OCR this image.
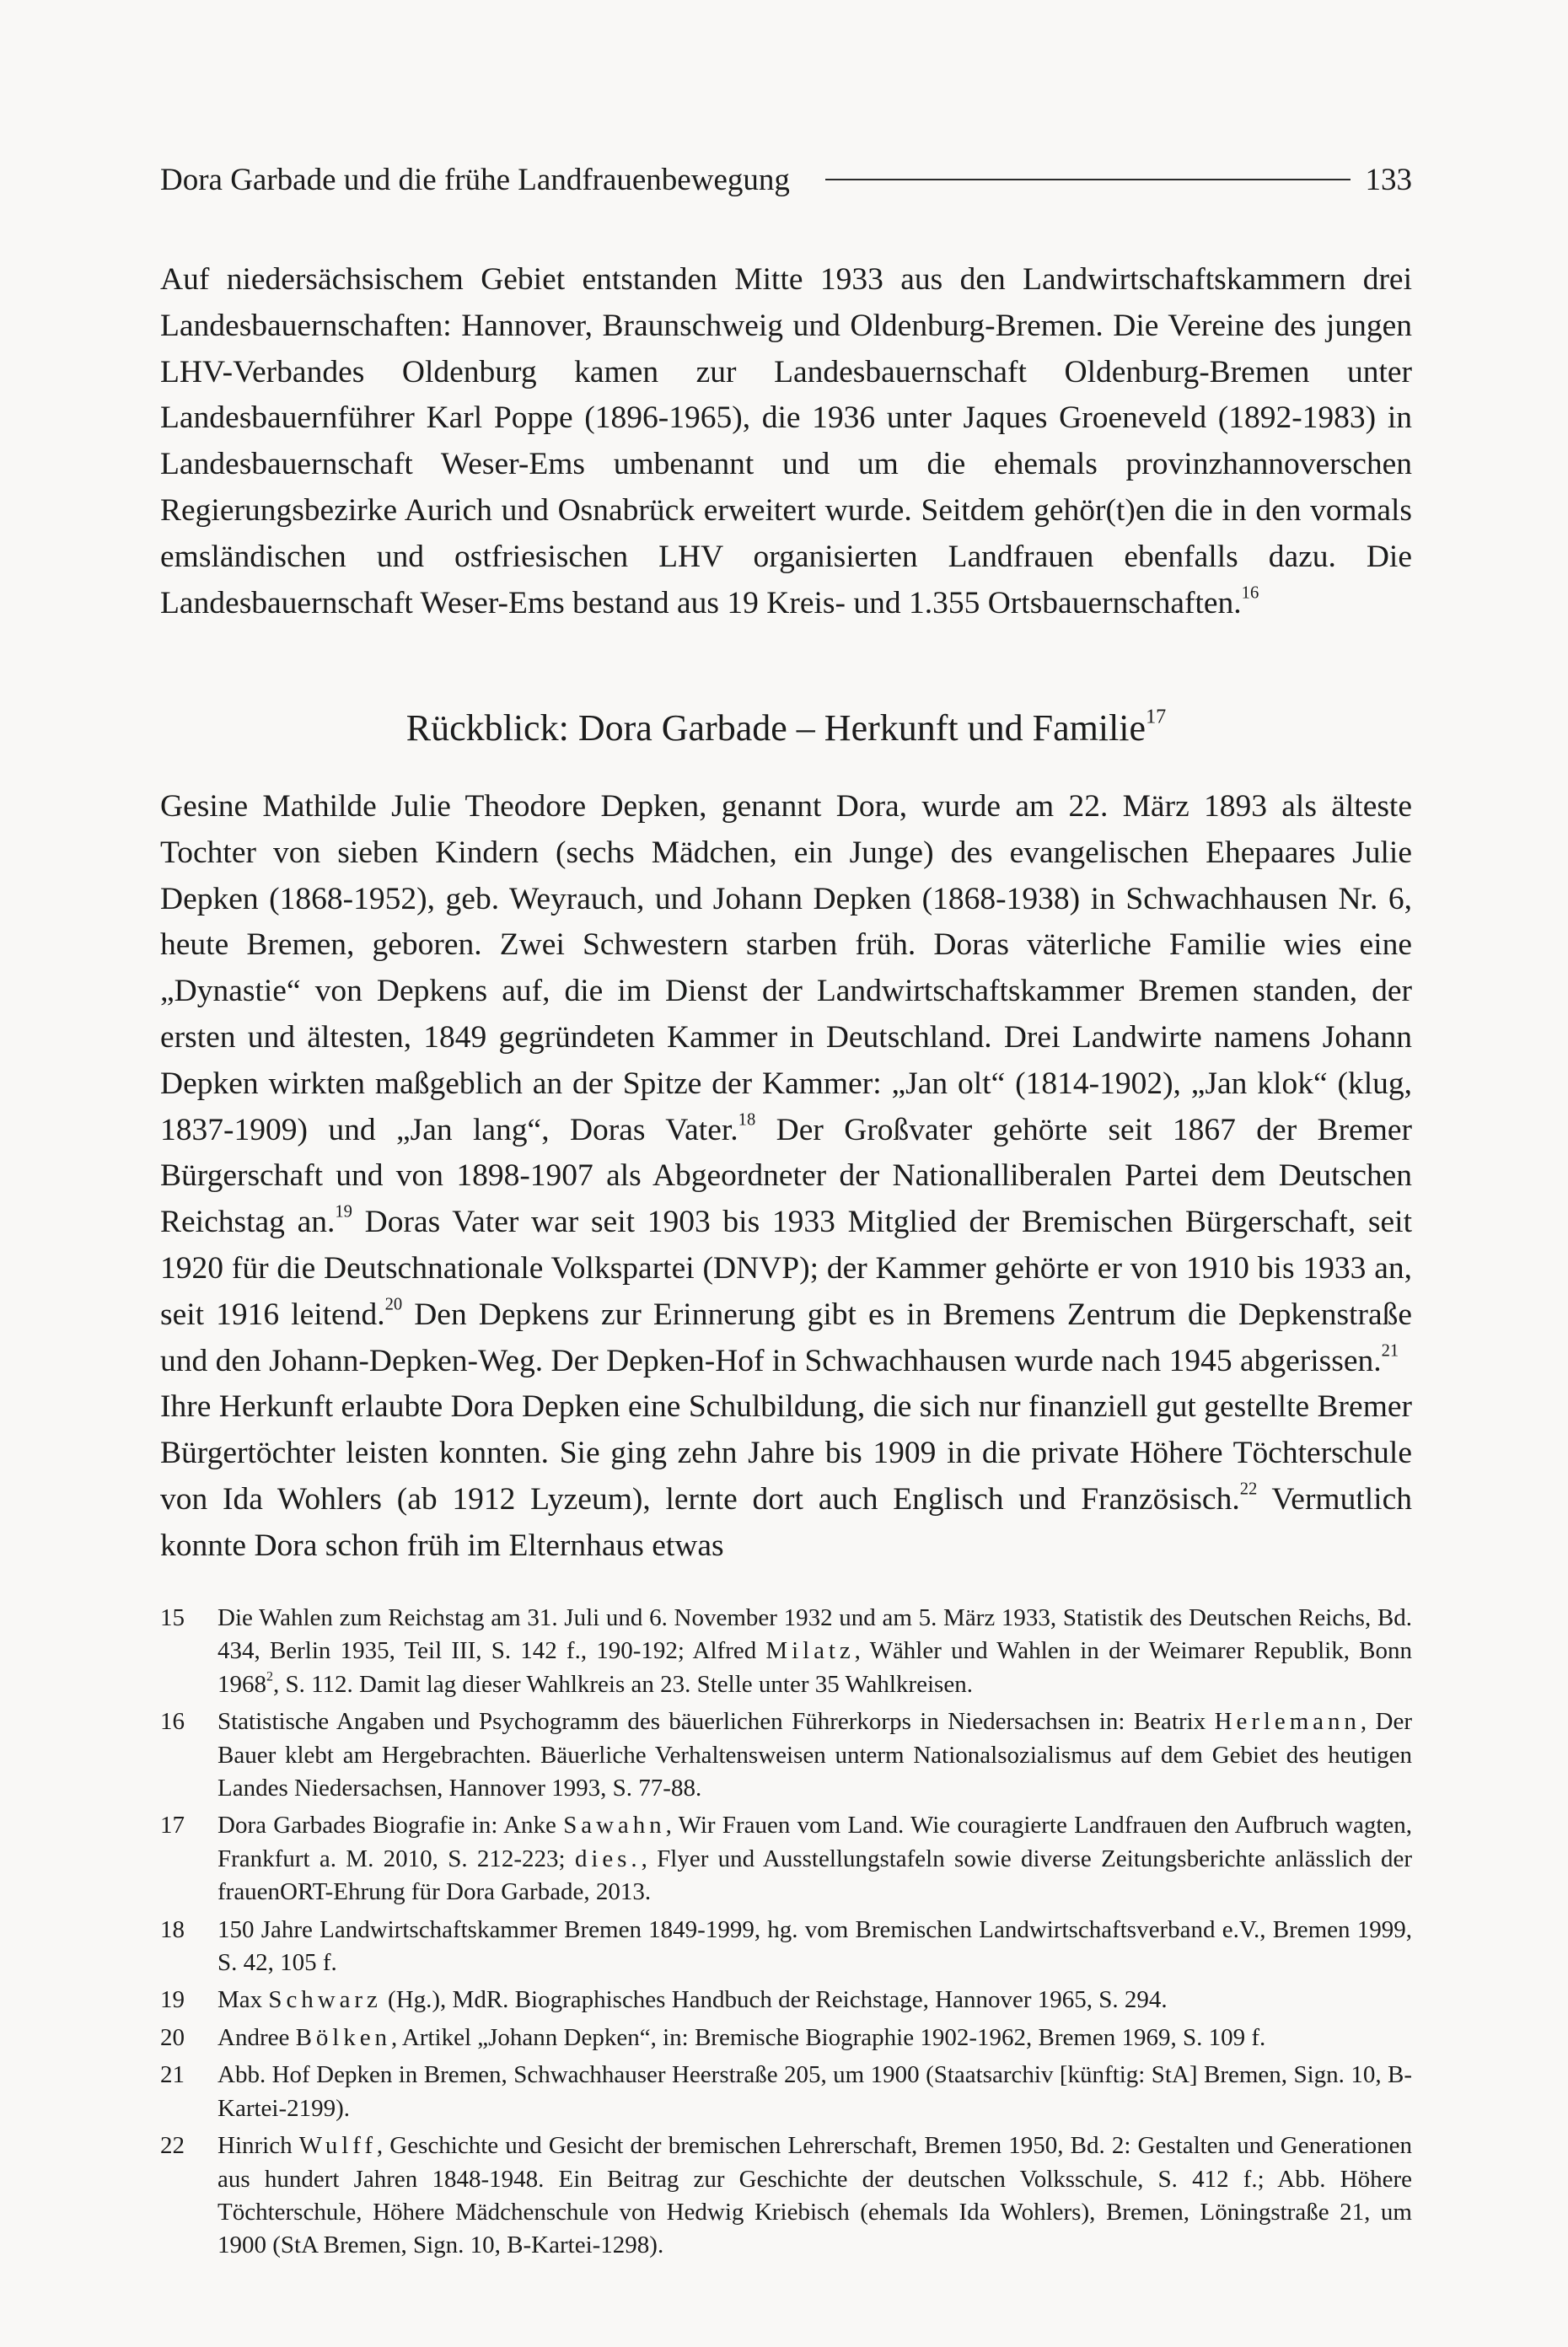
Dora Garbade und die frühe Landfrauenbewegung	133

Auf niedersächsischem Gebiet entstanden Mitte 1933 aus den Landwirtschaftskammern drei Landesbauernschaften: Hannover, Braunschweig und Oldenburg-Bremen. Die Vereine des jungen LHV-Verbandes Oldenburg kamen zur Landesbauernschaft Oldenburg-Bremen unter Landesbauernführer Karl Poppe (1896-1965), die 1936 unter Jaques Groeneveld (1892-1983) in Landesbauernschaft Weser-Ems umbenannt und um die ehemals provinzhannoverschen Regierungsbezirke Aurich und Osnabrück erweitert wurde. Seitdem gehör(t)en die in den vormals emsländischen und ostfriesischen LHV organisierten Landfrauen ebenfalls dazu. Die Landesbauernschaft Weser-Ems bestand aus 19 Kreis- und 1.355 Ortsbauernschaften.$^{16}$

Rückblick: Dora Garbade – Herkunft und Familie$^{17}$

Gesine Mathilde Julie Theodore Depken, genannt Dora, wurde am 22. März 1893 als älteste Tochter von sieben Kindern (sechs Mädchen, ein Junge) des evangelischen Ehepaares Julie Depken (1868-1952), geb. Weyrauch, und Johann Depken (1868-1938) in Schwachhausen Nr. 6, heute Bremen, geboren. Zwei Schwestern starben früh. Doras väterliche Familie wies eine „Dynastie“ von Depkens auf, die im Dienst der Landwirtschaftskammer Bremen standen, der ersten und ältesten, 1849 gegründeten Kammer in Deutschland. Drei Landwirte namens Johann Depken wirkten maßgeblich an der Spitze der Kammer: „Jan olt“ (1814-1902), „Jan klok“ (klug, 1837-1909) und „Jan lang“, Doras Vater.$^{18}$ Der Großvater gehörte seit 1867 der Bremer Bürgerschaft und von 1898-1907 als Abgeordneter der Nationalliberalen Partei dem Deutschen Reichstag an.$^{19}$ Doras Vater war seit 1903 bis 1933 Mitglied der Bremischen Bürgerschaft, seit 1920 für die Deutschnationale Volkspartei (DNVP); der Kammer gehörte er von 1910 bis 1933 an, seit 1916 leitend.$^{20}$ Den Depkens zur Erinnerung gibt es in Bremens Zentrum die Depkenstraße und den Johann-Depken-Weg. Der Depken-Hof in Schwachhausen wurde nach 1945 abgerissen.$^{21}$

Ihre Herkunft erlaubte Dora Depken eine Schulbildung, die sich nur finanziell gut gestellte Bremer Bürgertöchter leisten konnten. Sie ging zehn Jahre bis 1909 in die private Höhere Töchterschule von Ida Wohlers (ab 1912 Lyzeum), lernte dort auch Englisch und Französisch.$^{22}$ Vermutlich konnte Dora schon früh im Elternhaus etwas

15	Die Wahlen zum Reichstag am 31. Juli und 6. November 1932 und am 5. März 1933, Statistik des Deutschen Reichs, Bd. 434, Berlin 1935, Teil III, S. 142 f., 190-192; Alfred Milatz, Wähler und Wahlen in der Weimarer Republik, Bonn 1968$^2$, S. 112. Damit lag dieser Wahlkreis an 23. Stelle unter 35 Wahlkreisen.
16	Statistische Angaben und Psychogramm des bäuerlichen Führerkorps in Niedersachsen in: Beatrix Herlemann, Der Bauer klebt am Hergebrachten. Bäuerliche Verhaltensweisen unterm Nationalsozialismus auf dem Gebiet des heutigen Landes Niedersachsen, Hannover 1993, S. 77-88.
17	Dora Garbades Biografie in: Anke Sawahn, Wir Frauen vom Land. Wie couragierte Landfrauen den Aufbruch wagten, Frankfurt a. M. 2010, S. 212-223; dies., Flyer und Ausstellungstafeln sowie diverse Zeitungsberichte anlässlich der frauenORT-Ehrung für Dora Garbade, 2013.
18	150 Jahre Landwirtschaftskammer Bremen 1849-1999, hg. vom Bremischen Landwirtschaftsverband e.V., Bremen 1999, S. 42, 105 f.
19	Max Schwarz (Hg.), MdR. Biographisches Handbuch der Reichstage, Hannover 1965, S. 294.
20	Andree Bölken, Artikel „Johann Depken“, in: Bremische Biographie 1902-1962, Bremen 1969, S. 109 f.
21	Abb. Hof Depken in Bremen, Schwachhauser Heerstraße 205, um 1900 (Staatsarchiv [künftig: StA] Bremen, Sign. 10, B-Kartei-2199).
22	Hinrich Wulff, Geschichte und Gesicht der bremischen Lehrerschaft, Bremen 1950, Bd. 2: Gestalten und Generationen aus hundert Jahren 1848-1948. Ein Beitrag zur Geschichte der deutschen Volksschule, S. 412 f.; Abb. Höhere Töchterschule, Höhere Mädchenschule von Hedwig Kriebisch (ehemals Ida Wohlers), Bremen, Löningstraße 21, um 1900 (StA Bremen, Sign. 10, B-Kartei-1298).
